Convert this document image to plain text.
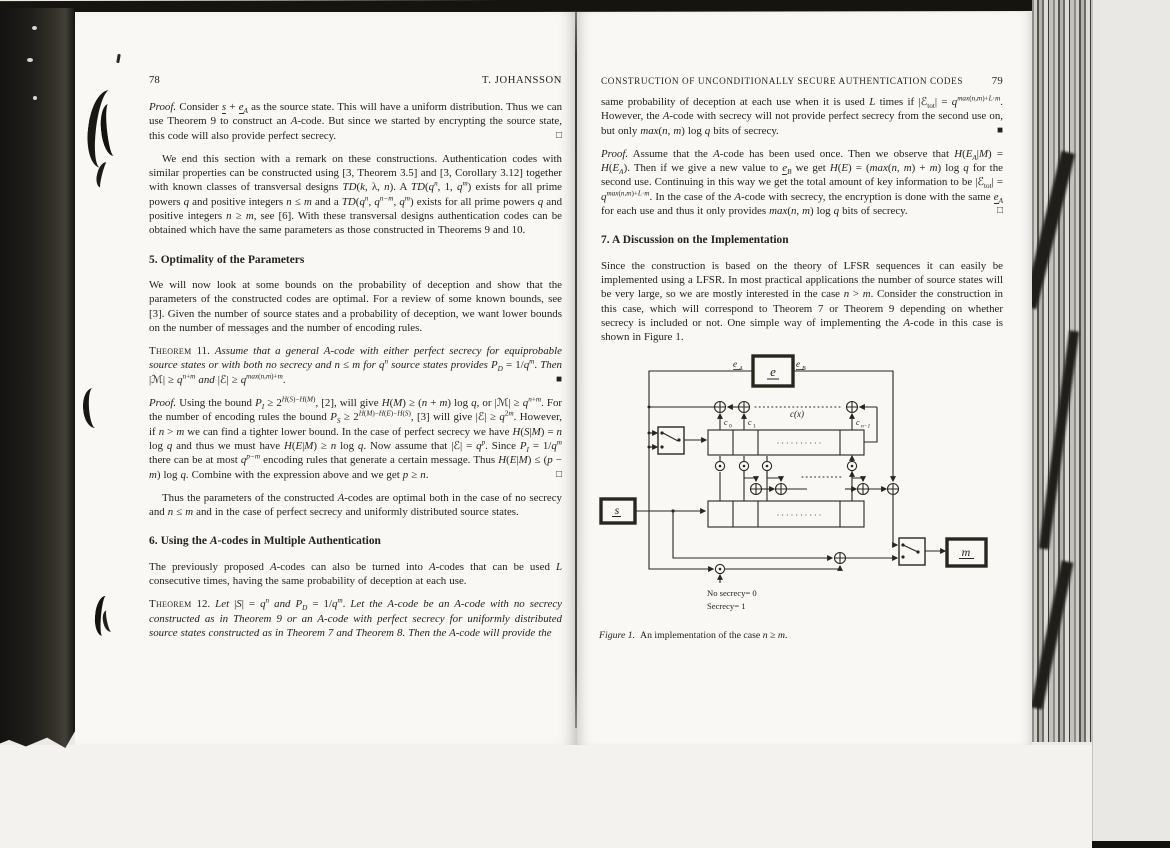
78	T. JOHANSSON

Proof. Consider $s + e_A$ as the source state. This will have a uniform distribution. Thus we can use Theorem 9 to construct an A-code. But since we started by encrypting the source state, this code will also provide perfect secrecy.	□

We end this section with a remark on these constructions. Authentication codes with similar properties can be constructed using [3, Theorem 3.5] and [3, Corollary 3.12] together with known classes of transversal designs TD(k, λ, n). A $TD(q^n$, 1, $q^m$) exists for all prime powers q and positive integers n ≤ m and a $TD(q^n$, $q^{n-m}$, $q^m$) exists for all prime powers q and positive integers n ≥ m, see [6]. With these transversal designs authentication codes can be obtained which have the same parameters as those constructed in Theorems 9 and 10.

5. Optimality of the Parameters

We will now look at some bounds on the probability of deception and show that the parameters of the constructed codes are optimal. For a review of some known bounds, see [3]. Given the number of source states and a probability of deception, we want lower bounds on the number of messages and the number of encoding rules.

Theorem 11. Assume that a general A-code with either perfect secrecy for equiprobable source states or with both no secrecy and n ≤ m for $q^n$ source states provides $P_D = 1/q^m$. Then |ℳ| ≥ $q^{n+m}$ and |ℰ| ≥ $q^{max(n,m)+m}$.	■

Proof. Using the bound $P_I \ge 2^{H(S)-H(M)}$, [2], will give H(M) ≥ (n + m) log q, or |ℳ| ≥ $q^{n+m}$. For the number of encoding rules the bound $P_S \ge 2^{H(M)-H(E)-H(S)}$, [3] will give |ℰ| ≥ $q^{2m}$. However, if n > m we can find a tighter lower bound. In the case of perfect secrecy we have H(S|M) = n log q and thus we must have H(E|M) ≥ n log q. Now assume that |ℰ| = $q^p$. Since $P_I = 1/q^m$ there can be at most $q^{p-m}$ encoding rules that generate a certain message. Thus H(E|M) ≤ (p − m) log q. Combine with the expression above and we get p ≥ n.	□

Thus the parameters of the constructed A-codes are optimal both in the case of no secrecy and n ≤ m and in the case of perfect secrecy and uniformly distributed source states.

6. Using the A-codes in Multiple Authentication

The previously proposed A-codes can also be turned into A-codes that can be used L consecutive times, having the same probability of deception at each use.

Theorem 12. Let $|S| = q^n$ and $P_D = 1/q^m$. Let the A-code be an A-code with no secrecy constructed as in Theorem 9 or an A-code with perfect secrecy for uniformly distributed source states constructed as in Theorem 7 and Theorem 8. Then the A-code will provide the

CONSTRUCTION OF UNCONDITIONALLY SECURE AUTHENTICATION CODES	79

same probability of deception at each use when it is used L times if |ℰ$_{tot}$| = $q^{max(n,m)+L\cdot m}$. However, the A-code with secrecy will not provide perfect secrecy from the second use on, but only max(n, m) log q bits of secrecy.	■

Proof. Assume that the A-code has been used once. Then we observe that $H(E_A|M) = H(E_A)$. Then if we give a new value to $e_B$ we get H(E) = (max(n, m) + m) log q for the second use. Continuing in this way we get the total amount of key information to be |ℰ$_{tot}$| = $q^{max(n,m)+L\cdot m}$. In the case of the A-code with secrecy, the encryption is done with the same $e_A$ for each use and thus it only provides max(n, m) log q bits of secrecy.	□

7. A Discussion on the Implementation

Since the construction is based on the theory of LFSR sequences it can easily be implemented using a LFSR. In most practical applications the number of source states will be very large, so we are mostly interested in the case n > m. Consider the construction in this case, which will correspond to Theorem 7 or Theorem 9 depending on whether secrecy is included or not. One simple way of implementing the A-code in this case is shown in Figure 1.

e
e A	e B
c 0 c 1	c n−1
c(x)
· · · · · · · · · ·
· · · · · · · · · ·
s
m
No secrecy= 0
Secrecy= 1
Figure 1. An implementation of the case n ≥ m.
